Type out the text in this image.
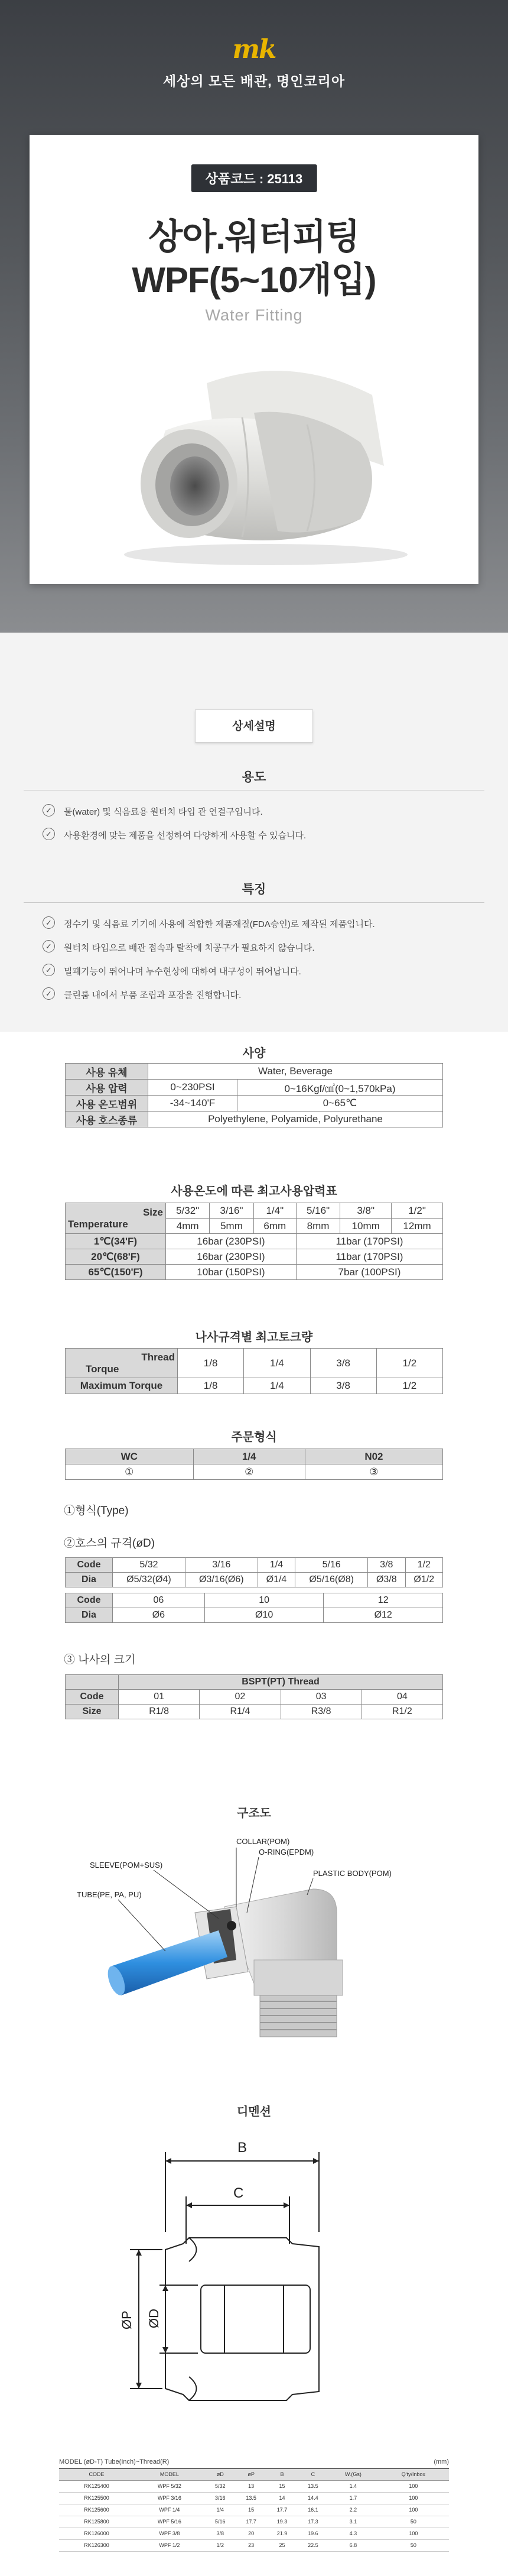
mk
세상의 모든 배관, 명인코리아
상품코드 : 25113
상아.워터피팅
WPF(5~10개입)
Water Fitting
상세설명
용도
✓	물(water) 및 식음료용 원터치 타입 관 연결구입니다.
✓	사용환경에 맞는 제품을 선정하여 다양하게 사용할 수 있습니다.
특징
✓	정수기 및 식음료 기기에 사용에 적합한 제품재질(FDA승인)로 제작된 제품입니다.
✓	원터치 타입으로 배관 접속과 탈착에 치공구가 필요하지 않습니다.
✓	밀폐기능이 뛰어나며 누수현상에 대하여 내구성이 뛰어납니다.
✓	클린룸 내에서 부품 조립과 포장을 진행합니다.
사양
사용 유체	Water, Beverage	
사용 압력	0~230PSI	0~16Kgf/㎠(0~1,570kPa)
사용 온도범위	-34~140'F	0~65℃
사용 호스종류	Polyethylene, Polyamide, Polyurethane	
사용온도에 따른 최고사용압력표
Size
Temperature	5/32"	3/16"	1/4"	5/16"	3/8"	1/2"
	4mm	5mm	6mm	8mm	10mm	12mm
1℃(34'F)	16bar (230PSI)			11bar (170PSI)		
20℃(68'F)	16bar (230PSI)			11bar (170PSI)		
65℃(150'F)	10bar (150PSI)			7bar (100PSI)		
나사규격별 최고토크량
Thread
Torque	1/8	1/4	3/8	1/2
Maximum Torque	1/8	1/4	3/8	1/2
주문형식
WC	1/4	N02
①	②	③
①형식(Type)
②호스의 규격(øD)
Code	5/32	3/16	1/4	5/16	3/8	1/2
Dia	Ø5/32(Ø4)	Ø3/16(Ø6)	Ø1/4	Ø5/16(Ø8)	Ø3/8	Ø1/2
Code	06	10	12
Dia	Ø6	Ø10	Ø12
③ 나사의 크기
	BSPT(PT) Thread			
Code	01	02	03	04
Size	R1/8	R1/4	R3/8	R1/2
구조도
COLLAR(POM)
O-RING(EPDM)
PLASTIC BODY(POM)
SLEEVE(POM+SUS)
TUBE(PE, PA, PU)
디멘션
B
C
ØP ØD
MODEL (øD-T) Tube(Inch)~Thread(R)	(mm)
CODE	MODEL	øD	øP	B	C	W.(Gs)	Q'ty/Inbox
RK125400	WPF 5/32	5/32	13	15	13.5	1.4	100
RK125500	WPF 3/16	3/16	13.5	14	14.4	1.7	100
RK125600	WPF 1/4	1/4	15	17.7	16.1	2.2	100
RK125800	WPF 5/16	5/16	17.7	19.3	17.3	3.1	50
RK126000	WPF 3/8	3/8	20	21.9	19.6	4.3	100
RK126300	WPF 1/2	1/2	23	25	22.5	6.8	50
